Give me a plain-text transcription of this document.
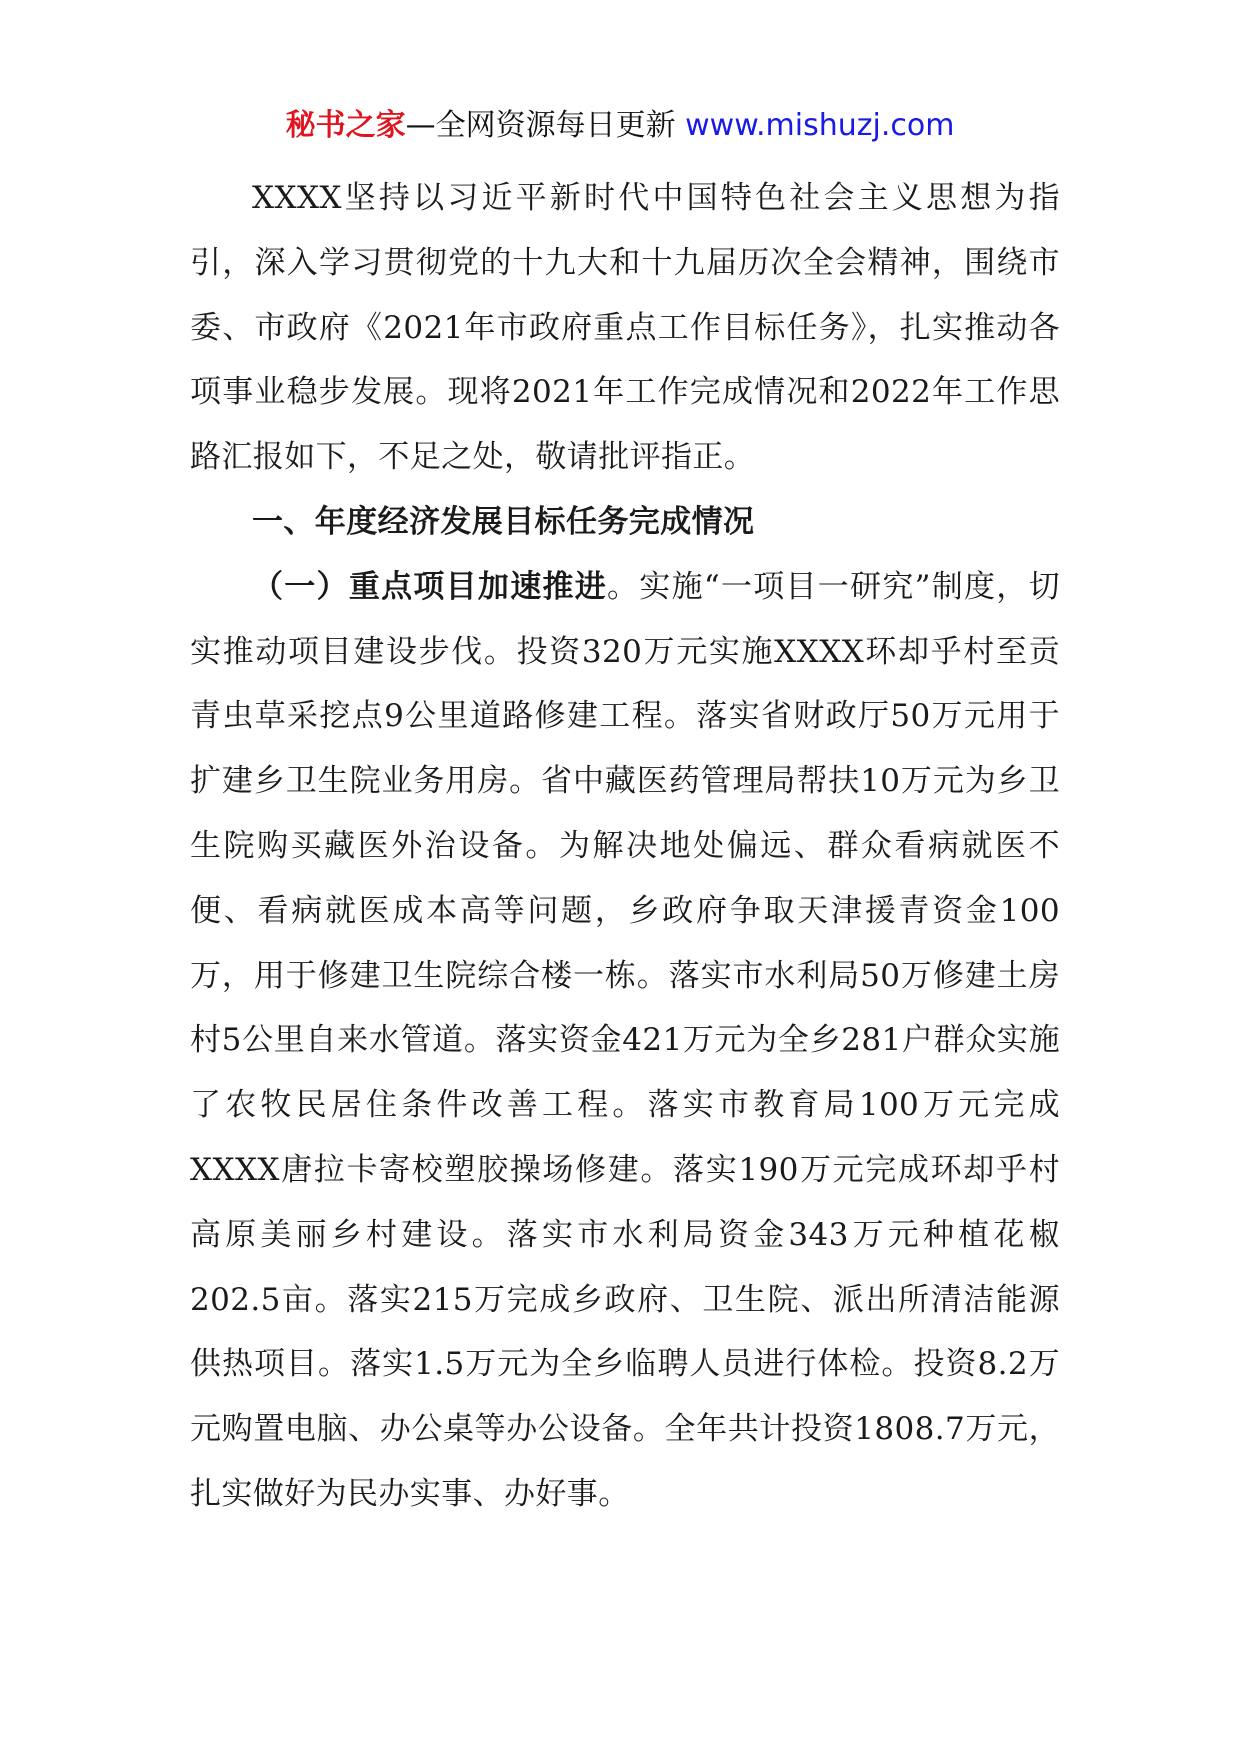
秘书之家—全网资源每日更新 www.mishuzj.com

XXXX坚持以习近平新时代中国特色社会主义思想为指引，深入学习贯彻党的十九大和十九届历次全会精神，围绕市委、市政府《2021年市政府重点工作目标任务》，扎实推动各项事业稳步发展。现将2021年工作完成情况和2022年工作思路汇报如下，不足之处，敬请批评指正。

一、年度经济发展目标任务完成情况

（一）重点项目加速推进。实施“一项目一研究”制度，切实推动项目建设步伐。投资320万元实施XXXX环却乎村至贡青虫草采挖点9公里道路修建工程。落实省财政厅50万元用于扩建乡卫生院业务用房。省中藏医药管理局帮扶10万元为乡卫生院购买藏医外治设备。为解决地处偏远、群众看病就医不便、看病就医成本高等问题，乡政府争取天津援青资金100万，用于修建卫生院综合楼一栋。落实市水利局50万修建土房村5公里自来水管道。落实资金421万元为全乡281户群众实施了农牧民居住条件改善工程。落实市教育局100万元完成XXXX唐拉卡寄校塑胶操场修建。落实190万元完成环却乎村高原美丽乡村建设。落实市水利局资金343万元种植花椒202.5亩。落实215万完成乡政府、卫生院、派出所清洁能源供热项目。落实1.5万元为全乡临聘人员进行体检。投资8.2万元购置电脑、办公桌等办公设备。全年共计投资1808.7万元，扎实做好为民办实事、办好事。
